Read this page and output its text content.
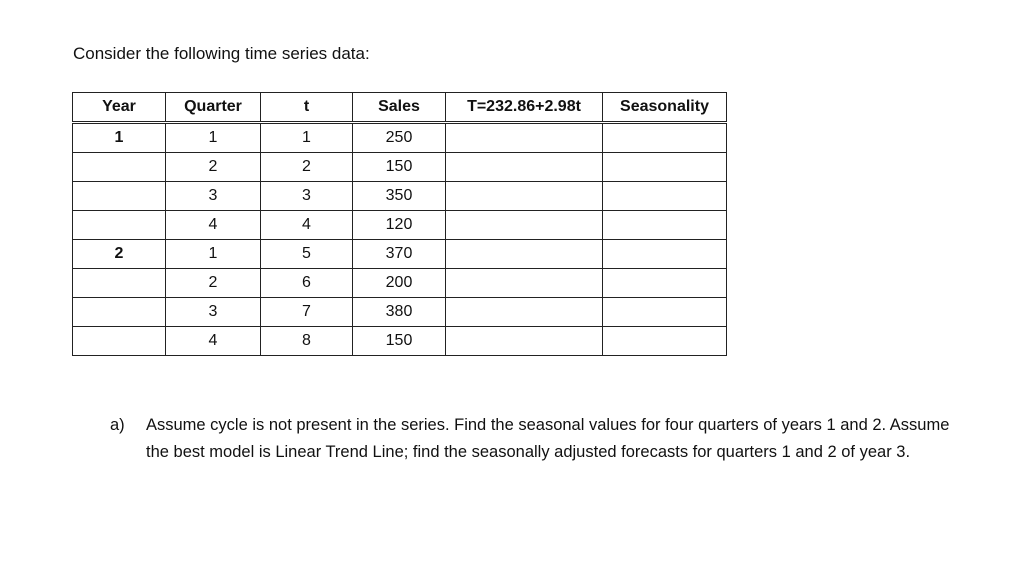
Consider the following time series data:

Year	Quarter	t	Sales	T=232.86+2.98t	Seasonality
1	1	1	250		
	2	2	150		
	3	3	350		
	4	4	120		
2	1	5	370		
	2	6	200		
	3	7	380		
	4	8	150		
a)	Assume cycle is not present in the series. Find the seasonal values for four quarters of years 1 and 2. Assume the best model is Linear Trend Line; find the seasonally adjusted forecasts for quarters 1 and 2 of year 3.
